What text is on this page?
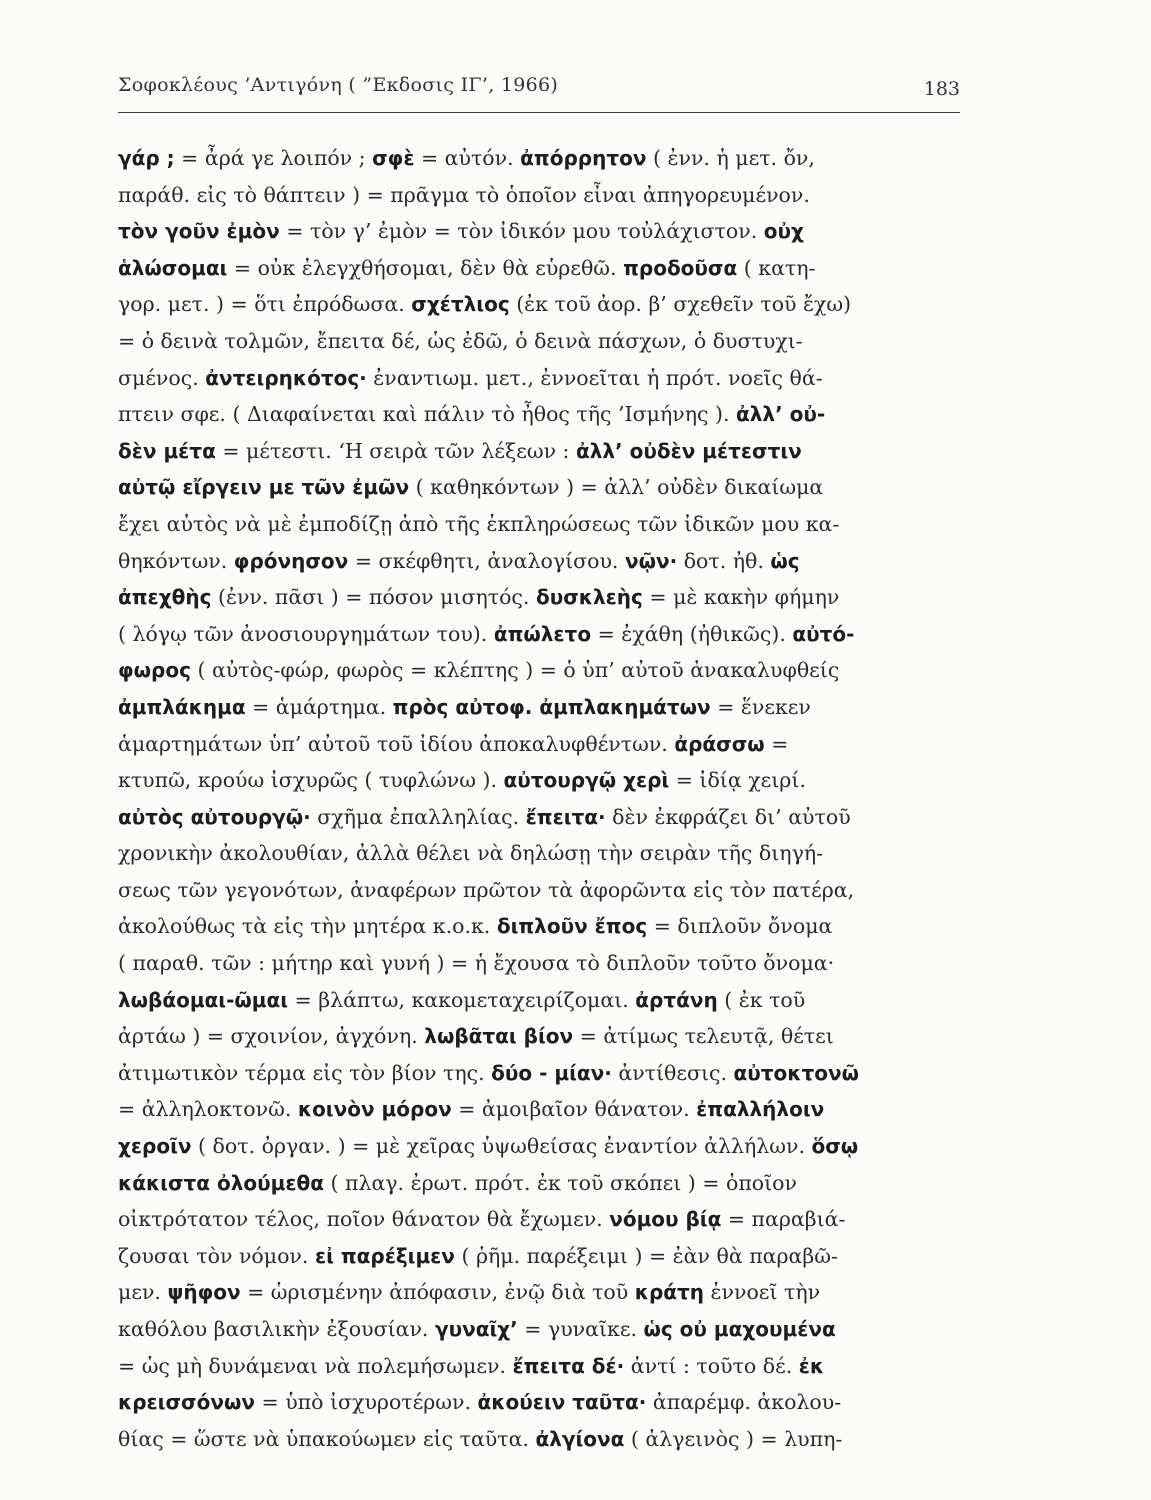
Σοφοκλέους ’Αντιγόνη ( ”Εκδοσις ΙΓ’, 1966)	183
γάρ ; = ἆρά γε λοιπόν ; σφὲ = αὐτόν. ἀπόρρητον ( ἐνν. ἡ μετ. ὄν,
παράθ. εἰς τὸ θάπτειν ) = πρᾶγμα τὸ ὁποῖον εἶναι ἀπηγορευμένον.
τὸν γοῦν ἐμὸν = τὸν γ’ ἐμὸν = τὸν ἰδικόν μου τοὐλάχιστον. οὐχ
ἁλώσομαι = οὐκ ἐλεγχθήσομαι, δὲν θὰ εὑρεθῶ. προδοῦσα ( κατη-
γορ. μετ. ) = ὅτι ἐπρόδωσα. σχέτλιος (ἐκ τοῦ ἀορ. β’ σχεθεῖν τοῦ ἔχω)
= ὁ δεινὰ τολμῶν, ἔπειτα δέ, ὡς ἐδῶ, ὁ δεινὰ πάσχων, ὁ δυστυχι-
σμένος. ἀντειρηκότος· ἐναντιωμ. μετ., ἐννοεῖται ἡ πρότ. νοεῖς θά-
πτειν σφε. ( Διαφαίνεται καὶ πάλιν τὸ ἦθος τῆς ’Ισμήνης ). ἀλλ’ οὐ-
δὲν μέτα = μέτεστι. ‘Η σειρὰ τῶν λέξεων : ἀλλ’ οὐδὲν μέτεστιν
αὐτῷ εἴργειν με τῶν ἐμῶν ( καθηκόντων ) = ἀλλ’ οὐδὲν δικαίωμα
ἔχει αὐτὸς νὰ μὲ ἐμποδίζῃ ἀπὸ τῆς ἐκπληρώσεως τῶν ἰδικῶν μου κα-
θηκόντων. φρόνησον = σκέφθητι, ἀναλογίσου. νῷν· δοτ. ἠθ. ὡς
ἀπεχθὴς (ἐνν. πᾶσι ) = πόσον μισητός. δυσκλεὴς = μὲ κακὴν φήμην
( λόγῳ τῶν ἀνοσιουργημάτων του). ἀπώλετο = ἐχάθη (ἠθικῶς). αὐτό-
φωρος ( αὐτὸς-φώρ, φωρὸς = κλέπτης ) = ὁ ὑπ’ αὐτοῦ ἀνακαλυφθείς
ἀμπλάκημα = ἁμάρτημα. πρὸς αὐτοφ. ἀμπλακημάτων = ἕνεκεν
ἁμαρτημάτων ὑπ’ αὐτοῦ τοῦ ἰδίου ἀποκαλυφθέντων. ἀράσσω =
κτυπῶ, κρούω ἰσχυρῶς ( τυφλώνω ). αὐτουργῷ χερὶ = ἰδίᾳ χειρί.
αὐτὸς αὐτουργῷ· σχῆμα ἐπαλληλίας. ἔπειτα· δὲν ἐκφράζει δι’ αὐτοῦ
χρονικὴν ἀκολουθίαν, ἀλλὰ θέλει νὰ δηλώσῃ τὴν σειρὰν τῆς διηγή-
σεως τῶν γεγονότων, ἀναφέρων πρῶτον τὰ ἀφορῶντα εἰς τὸν πατέρα,
ἀκολούθως τὰ εἰς τὴν μητέρα κ.ο.κ. διπλοῦν ἔπος = διπλοῦν ὄνομα
( παραθ. τῶν : μήτηρ καὶ γυνή ) = ἡ ἔχουσα τὸ διπλοῦν τοῦτο ὄνομα·
λωβάομαι-ῶμαι = βλάπτω, κακομεταχειρίζομαι. ἀρτάνη ( ἐκ τοῦ
ἀρτάω ) = σχοινίον, ἀγχόνη. λωβᾶται βίον = ἀτίμως τελευτᾷ, θέτει
ἀτιμωτικὸν τέρμα εἰς τὸν βίον της. δύο - μίαν· ἀντίθεσις. αὐτοκτονῶ
= ἀλληλοκτονῶ. κοινὸν μόρον = ἀμοιβαῖον θάνατον. ἐπαλλήλοιν
χεροῖν ( δοτ. ὀργαν. ) = μὲ χεῖρας ὑψωθείσας ἐναντίον ἀλλήλων. ὅσῳ
κάκιστα ὀλούμεθα ( πλαγ. ἐρωτ. πρότ. ἐκ τοῦ σκόπει ) = ὁποῖον
οἰκτρότατον τέλος, ποῖον θάνατον θὰ ἔχωμεν. νόμου βίᾳ = παραβιά-
ζουσαι τὸν νόμον. εἰ παρέξιμεν ( ῥῆμ. παρέξειμι ) = ἐὰν θὰ παραβῶ-
μεν. ψῆφον = ὡρισμένην ἀπόφασιν, ἐνῷ διὰ τοῦ κράτη ἐννοεῖ τὴν
καθόλου βασιλικὴν ἐξουσίαν. γυναῖχ’ = γυναῖκε. ὡς οὐ μαχουμένα
= ὡς μὴ δυνάμεναι νὰ πολεμήσωμεν. ἔπειτα δέ· ἀντί : τοῦτο δέ. ἐκ
κρεισσόνων = ὑπὸ ἰσχυροτέρων. ἀκούειν ταῦτα· ἀπαρέμφ. ἀκολου-
θίας = ὥστε νὰ ὑπακούωμεν εἰς ταῦτα. ἀλγίονα ( ἀλγεινὸς ) = λυπη-
